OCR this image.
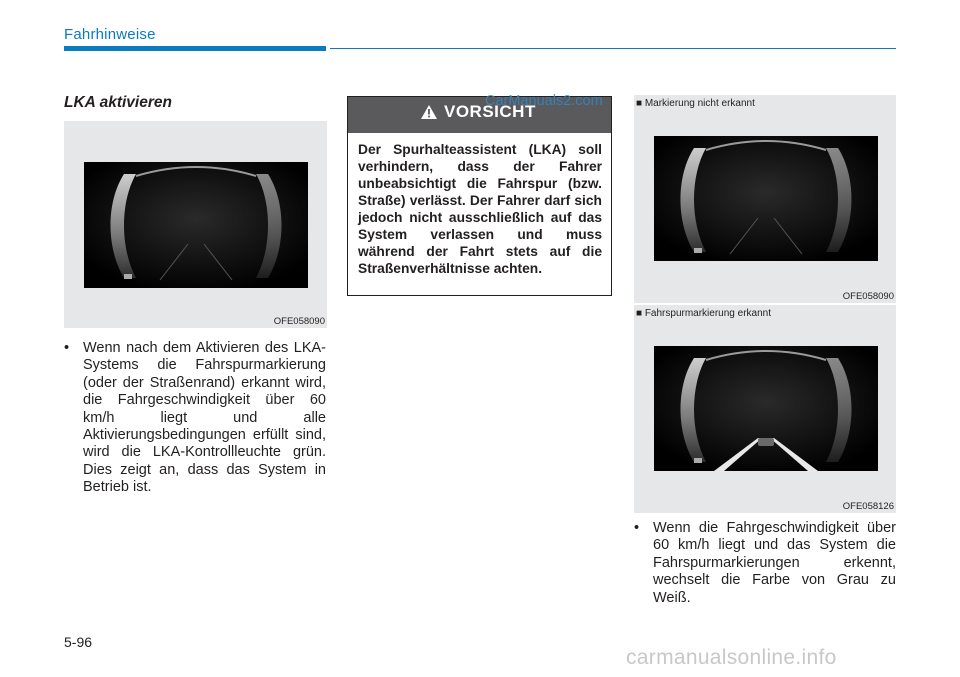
Fahrhinweise
LKA aktivieren
OFE058090
• Wenn nach dem Aktivieren des LKA-Systems die Fahrspurmarkierung (oder der Straßenrand) erkannt wird, die Fahrgeschwindigkeit über 60 km/h liegt und alle Aktivierungsbedingungen erfüllt sind, wird die LKA-Kontrollleuchte grün. Dies zeigt an, dass das System in Betrieb ist.
VORSICHT
Der Spurhalteassistent (LKA) soll verhindern, dass der Fahrer unbeabsichtigt die Fahrspur (bzw. Straße) verlässt. Der Fahrer darf sich jedoch nicht ausschließlich auf das System verlassen und muss während der Fahrt stets auf die Straßenverhältnisse achten.
CarManuals2.com	■ Markierung nicht erkannt
OFE058090
■ Fahrspurmarkierung erkannt
OFE058126
• Wenn die Fahrgeschwindigkeit über 60 km/h liegt und das System die Fahrspurmarkierungen erkennt, wechselt die Farbe von Grau zu Weiß.
5-96
carmanualsonline.info
